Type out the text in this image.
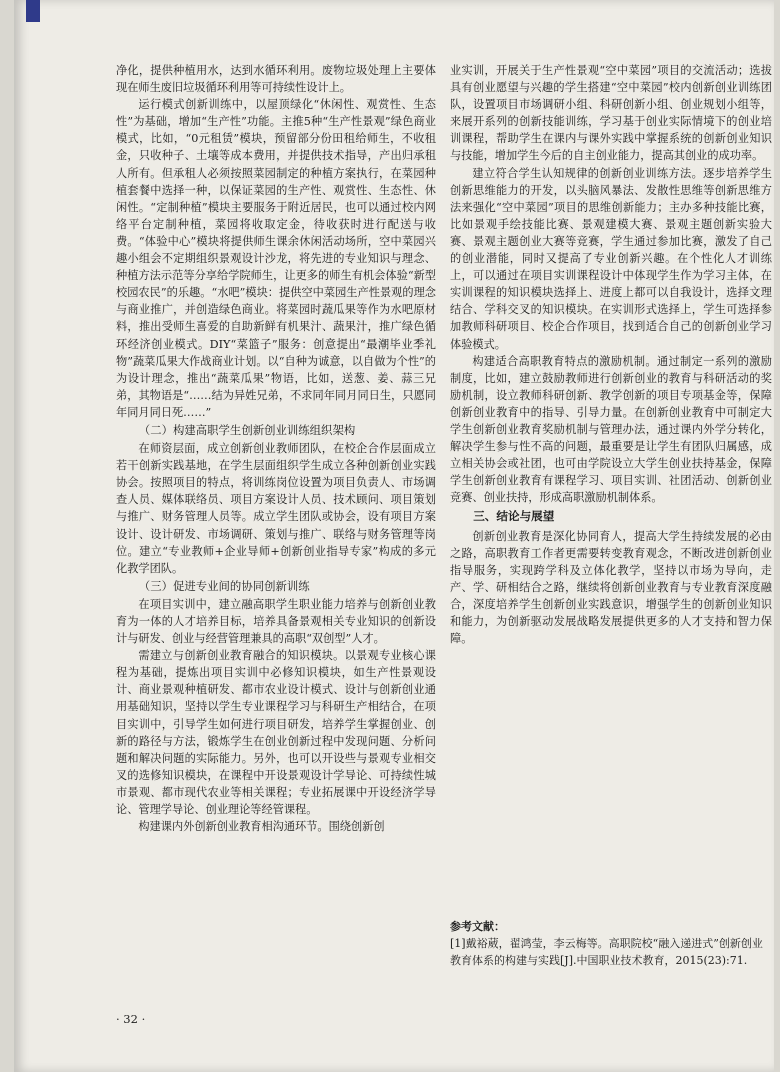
净化，提供种植用水，达到水循环利用。废物垃圾处理上主要体现在师生废旧垃圾循环利用等可持续性设计上。

运行模式创新训练中，以屋顶绿化“休闲性、观赏性、生态性”为基础，增加“生产性”功能。主推5种“生产性景观”绿色商业模式，比如，“0元租赁”模块，预留部分份田租给师生，不收租金，只收种子、土壤等成本费用，并提供技术指导，产出归承租人所有。但承租人必须按照菜园制定的种植方案执行，在菜园种植套餐中选择一种，以保证菜园的生产性、观赏性、生态性、休闲性。“定制种植”模块主要服务于附近居民，也可以通过校内网络平台定制种植，菜园将收取定金，待收获时进行配送与收费。“体验中心”模块将提供师生课余休闲活动场所，空中菜园兴趣小组会不定期组织景观设计沙龙，将先进的专业知识与理念、种植方法示范等分享给学院师生，让更多的师生有机会体验“新型校园农民”的乐趣。“水吧”模块：提供空中菜园生产性景观的理念与商业推广，并创造绿色商业。将菜园时蔬瓜果等作为水吧原材料，推出受师生喜爱的自助新鲜有机果汁、蔬果汁，推广绿色循环经济创业模式。DIY“菜篮子”服务：创意提出“最潮毕业季礼物”蔬菜瓜果大作战商业计划。以“自种为诚意，以自做为个性”的为设计理念，推出“蔬菜瓜果”物语，比如，送葱、姜、蒜三兄弟，其物语是“……结为异姓兄弟，不求同年同月同日生，只愿同年同月同日死……”

（二）构建高职学生创新创业训练组织架构

在师资层面，成立创新创业教师团队，在校企合作层面成立若干创新实践基地，在学生层面组织学生成立各种创新创业实践协会。按照项目的特点，将训练岗位设置为项目负责人、市场调查人员、媒体联络员、项目方案设计人员、技术顾问、项目策划与推广、财务管理人员等。成立学生团队或协会，设有项目方案设计、设计研发、市场调研、策划与推广、联络与财务管理等岗位。建立“专业教师+企业导师+创新创业指导专家”构成的多元化教学团队。

（三）促进专业间的协同创新训练

在项目实训中，建立融高职学生职业能力培养与创新创业教育为一体的人才培养目标，培养具备景观相关专业知识的创新设计与研发、创业与经营管理兼具的高职“双创型”人才。

需建立与创新创业教育融合的知识模块。以景观专业核心课程为基础，提炼出项目实训中必修知识模块，如生产性景观设计、商业景观种植研发、都市农业设计模式、设计与创新创业通用基础知识，坚持以学生专业课程学习与科研生产相结合，在项目实训中，引导学生如何进行项目研发，培养学生掌握创业、创新的路径与方法，锻炼学生在创业创新过程中发现问题、分析问题和解决问题的实际能力。另外，也可以开设些与景观专业相交叉的选修知识模块，在课程中开设景观设计学导论、可持续性城市景观、都市现代农业等相关课程；专业拓展课中开设经济学导论、管理学导论、创业理论等经管课程。

构建课内外创新创业教育相沟通环节。围绕创新创

业实训，开展关于生产性景观“空中菜园”项目的交流活动；选拔具有创业愿望与兴趣的学生搭建“空中菜园”校内创新创业训练团队，设置项目市场调研小组、科研创新小组、创业规划小组等，来展开系列的创新技能训练，学习基于创业实际情境下的创业培训课程，帮助学生在课内与课外实践中掌握系统的创新创业知识与技能，增加学生今后的自主创业能力，提高其创业的成功率。

建立符合学生认知规律的创新创业训练方法。逐步培养学生创新思维能力的开发，以头脑风暴法、发散性思维等创新思维方法来强化“空中菜园”项目的思维创新能力；主办多种技能比赛，比如景观手绘技能比赛、景观建模大赛、景观主题创新实验大赛、景观主题创业大赛等竞赛，学生通过参加比赛，激发了自己的创业潜能，同时又提高了专业创新兴趣。在个性化人才训练上，可以通过在项目实训课程设计中体现学生作为学习主体，在实训课程的知识模块选择上、进度上都可以自我设计，选择文理结合、学科交叉的知识模块。在实训形式选择上，学生可选择参加教师科研项目、校企合作项目，找到适合自己的创新创业学习体验模式。

构建适合高职教育特点的激励机制。通过制定一系列的激励制度，比如，建立鼓励教师进行创新创业的教育与科研活动的奖励机制，设立教师科研创新、教学创新的项目专项基金等，保障创新创业教育中的指导、引导力量。在创新创业教育中可制定大学生创新创业教育奖励机制与管理办法，通过课内外学分转化，解决学生参与性不高的问题，最重要是让学生有团队归属感，成立相关协会或社团，也可由学院设立大学生创业扶持基金，保障学生创新创业教育有课程学习、项目实训、社团活动、创新创业竞赛、创业扶持，形成高职激励机制体系。

三、结论与展望

创新创业教育是深化协同育人，提高大学生持续发展的必由之路，高职教育工作者更需要转变教育观念，不断改进创新创业指导服务，实现跨学科及立体化教学，坚持以市场为导向，走产、学、研相结合之路，继续将创新创业教育与专业教育深度融合，深度培养学生创新创业实践意识，增强学生的创新创业知识和能力，为创新驱动发展战略发展提供更多的人才支持和智力保障。

参考文献：
[1]戴裕葳，翟鸿莹，李云梅等。高职院校“融入递进式”创新创业教育体系的构建与实践[J].中国职业技术教育，2015(23):71.
· 32 ·
